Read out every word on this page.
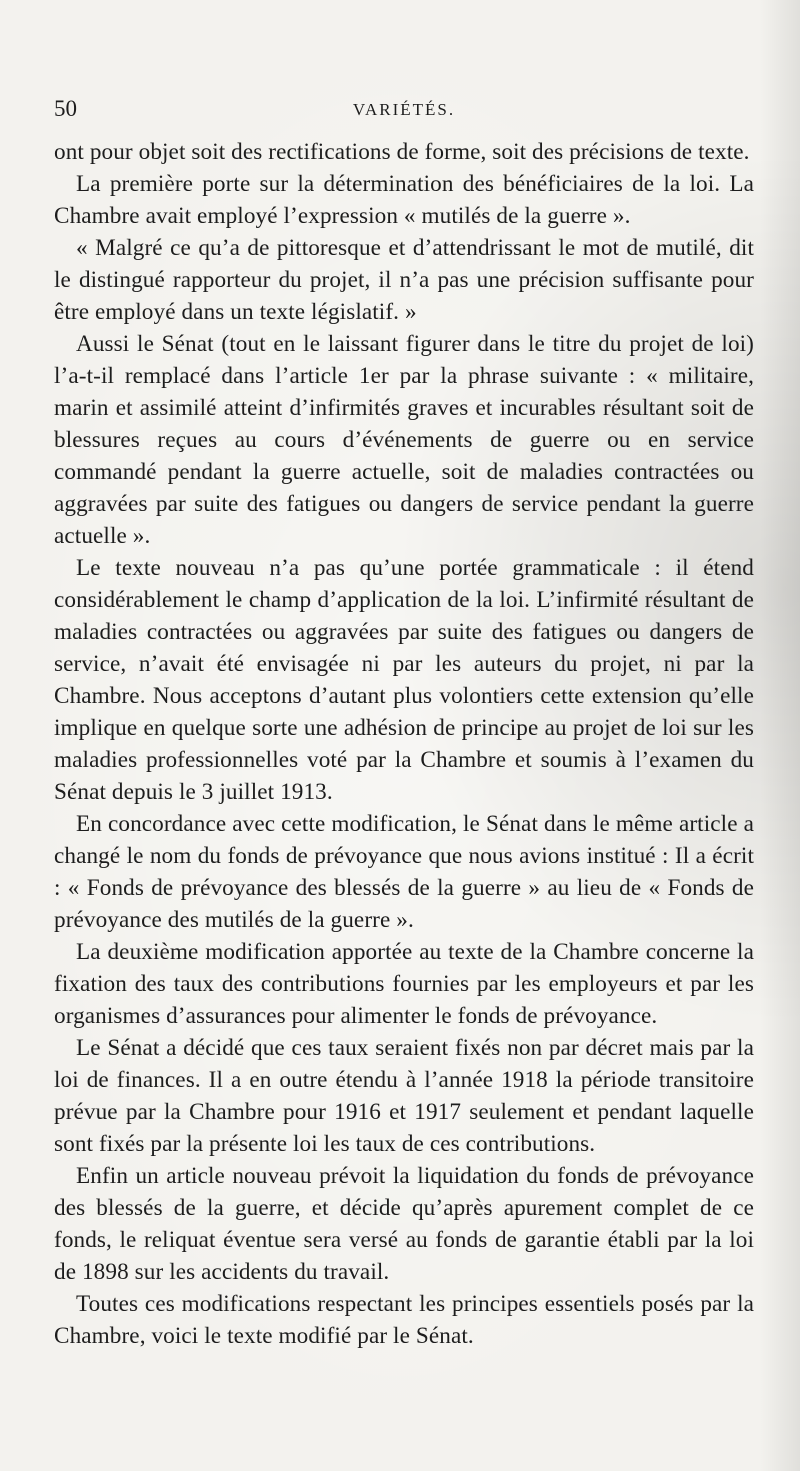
50	VARIÉTÉS.

ont pour objet soit des rectifications de forme, soit des précisions de texte.

La première porte sur la détermination des bénéficiaires de la loi. La Chambre avait employé l’expression « mutilés de la guerre ».

« Malgré ce qu’a de pittoresque et d’attendrissant le mot de mutilé, dit le distingué rapporteur du projet, il n’a pas une précision suffisante pour être employé dans un texte législatif. »

Aussi le Sénat (tout en le laissant figurer dans le titre du projet de loi) l’a-t-il remplacé dans l’article 1er par la phrase suivante : « militaire, marin et assimilé atteint d’infirmités graves et incurables résultant soit de blessures reçues au cours d’événements de guerre ou en service commandé pendant la guerre actuelle, soit de maladies contractées ou aggravées par suite des fatigues ou dangers de service pendant la guerre actuelle ».

Le texte nouveau n’a pas qu’une portée grammaticale : il étend considérablement le champ d’application de la loi. L’infirmité résultant de maladies contractées ou aggravées par suite des fatigues ou dangers de service, n’avait été envisagée ni par les auteurs du projet, ni par la Chambre. Nous acceptons d’autant plus volontiers cette extension qu’elle implique en quelque sorte une adhésion de principe au projet de loi sur les maladies professionnelles voté par la Chambre et soumis à l’examen du Sénat depuis le 3 juillet 1913.

En concordance avec cette modification, le Sénat dans le même article a changé le nom du fonds de prévoyance que nous avions institué : Il a écrit : « Fonds de prévoyance des blessés de la guerre » au lieu de « Fonds de prévoyance des mutilés de la guerre ».

La deuxième modification apportée au texte de la Chambre concerne la fixation des taux des contributions fournies par les employeurs et par les organismes d’assurances pour alimenter le fonds de prévoyance.

Le Sénat a décidé que ces taux seraient fixés non par décret mais par la loi de finances. Il a en outre étendu à l’année 1918 la période transitoire prévue par la Chambre pour 1916 et 1917 seulement et pendant laquelle sont fixés par la présente loi les taux de ces contributions.

Enfin un article nouveau prévoit la liquidation du fonds de prévoyance des blessés de la guerre, et décide qu’après apurement complet de ce fonds, le reliquat éventue sera versé au fonds de garantie établi par la loi de 1898 sur les accidents du travail.

Toutes ces modifications respectant les principes essentiels posés par la Chambre, voici le texte modifié par le Sénat.
